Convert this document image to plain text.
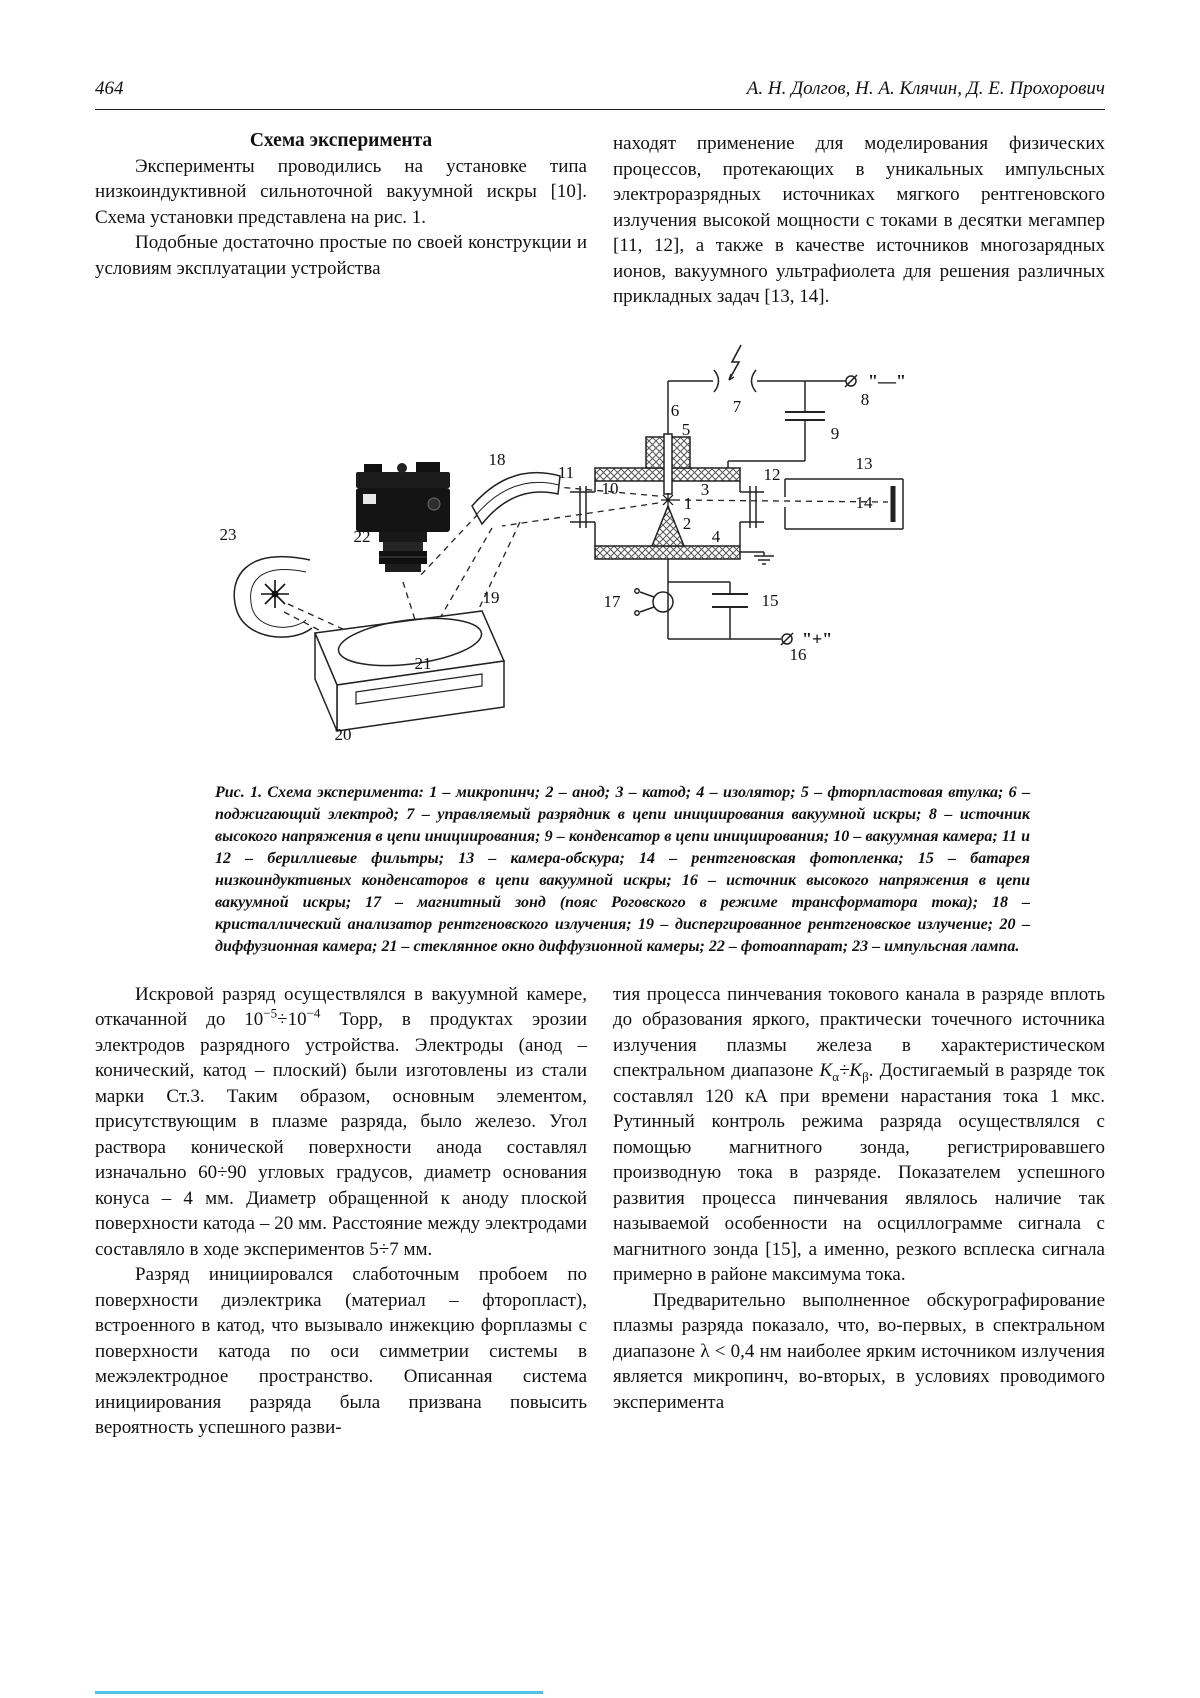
464	А. Н. Долгов, Н. А. Клячин, Д. Е. Прохорович

Схема эксперимента

Эксперименты проводились на установке типа низкоиндуктивной сильноточной вакуумной искры [10]. Схема установки представлена на рис. 1.

Подобные достаточно простые по своей конструкции и условиям эксплуатации устройства

находят применение для моделирования физических процессов, протекающих в уникальных импульсных электроразрядных источниках мягкого рентгеновского излучения высокой мощности с токами в десятки мегампер [11, 12], а также в качестве источников многозарядных ионов, вакуумного ультрафиолета для решения различных прикладных задач [13, 14].

1
2
3
4
5
6	7	8
9
10
11	12
13
14
15
16
17
18
19
20
21
22
23
"—"
"+"

Рис. 1. Схема эксперимента: 1 – микропинч; 2 – анод; 3 – катод; 4 – изолятор; 5 – фторпластовая втулка; 6 – поджигающий электрод; 7 – управляемый разрядник в цепи инициирования вакуумной искры; 8 – источник высокого напряжения в цепи инициирования; 9 – конденсатор в цепи инициирования; 10 – вакуумная камера; 11 и 12 – бериллиевые фильтры; 13 – камера-обскура; 14 – рентгеновская фотопленка; 15 – батарея низкоиндуктивных конденсаторов в цепи вакуумной искры; 16 – источник высокого напряжения в цепи вакуумной искры; 17 – магнитный зонд (пояс Роговского в режиме трансформатора тока); 18 – кристаллический анализатор рентгеновского излучения; 19 – диспергированное рентгеновское излучение; 20 – диффузионная камера; 21 – стеклянное окно диффузионной камеры; 22 – фотоаппарат; 23 – импульсная лампа.

Искровой разряд осуществлялся в вакуумной камере, откачанной до $10^{-5}\div 10^{-4}$ Торр, в продуктах эрозии электродов разрядного устройства. Электроды (анод – конический, катод – плоский) были изготовлены из стали марки Ст.3. Таким образом, основным элементом, присутствующим в плазме разряда, было железо. Угол раствора конической поверхности анода составлял изначально 60÷90 угловых градусов, диаметр основания конуса – 4 мм. Диаметр обращенной к аноду плоской поверхности катода – 20 мм. Расстояние между электродами составляло в ходе экспериментов 5÷7 мм.

Разряд инициировался слаботочным пробоем по поверхности диэлектрика (материал – фторопласт), встроенного в катод, что вызывало инжекцию форплазмы с поверхности катода по оси симметрии системы в межэлектродное пространство. Описанная система инициирования разряда была призвана повысить вероятность успешного разви-

тия процесса пинчевания токового канала в разряде вплоть до образования яркого, практически точечного источника излучения плазмы железа в характеристическом спектральном диапазоне $K_\alpha\div K_\beta$. Достигаемый в разряде ток составлял 120 кА при времени нарастания тока 1 мкс. Рутинный контроль режима разряда осуществлялся с помощью магнитного зонда, регистрировавшего производную тока в разряде. Показателем успешного развития процесса пинчевания являлось наличие так называемой особенности на осциллограмме сигнала с магнитного зонда [15], а именно, резкого всплеска сигнала примерно в районе максимума тока.

Предварительно выполненное обскурографирование плазмы разряда показало, что, во-первых, в спектральном диапазоне λ < 0,4 нм наиболее ярким источником излучения является микропинч, во-вторых, в условиях проводимого эксперимента
